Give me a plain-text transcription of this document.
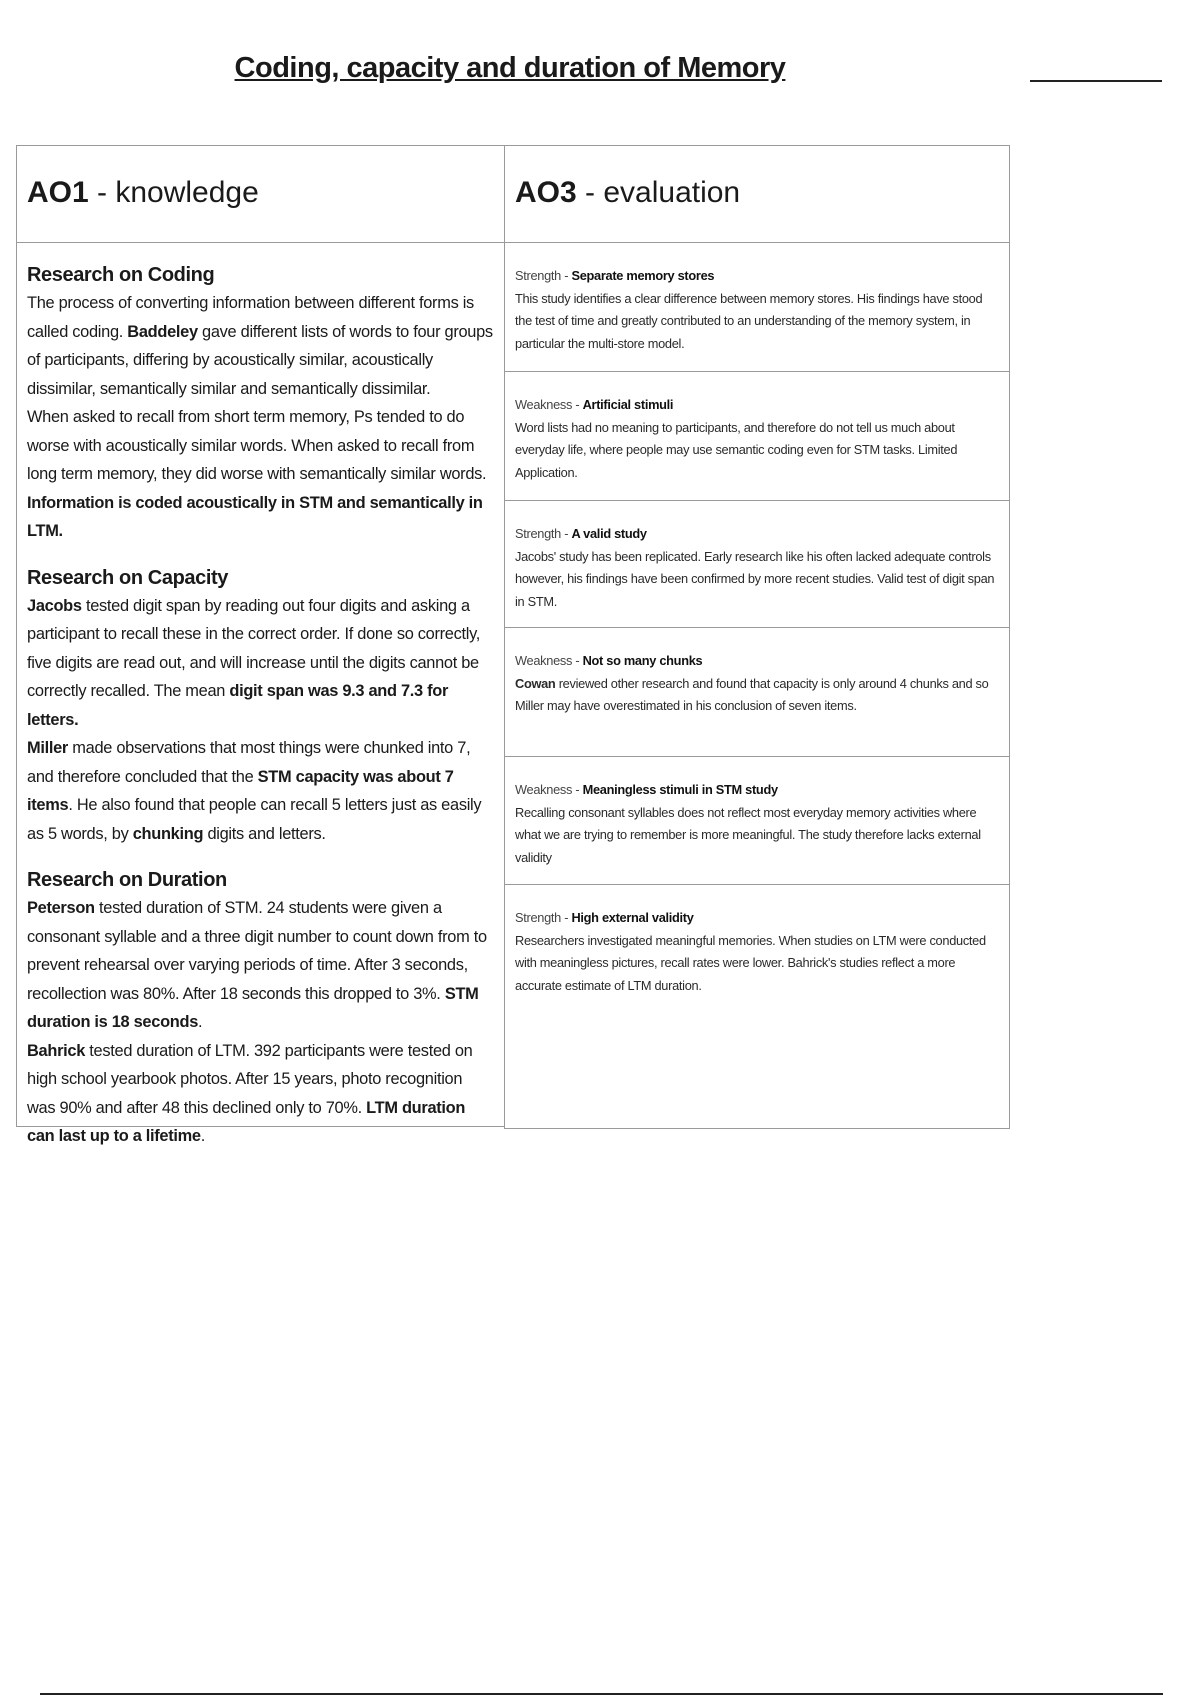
Coding, capacity and duration of Memory
AO1 - knowledge
Research on Coding

The process of converting information between different forms is called coding. Baddeley gave different lists of words to four groups of participants, differing by acoustically similar, acoustically dissimilar, semantically similar and semantically dissimilar.

When asked to recall from short term memory, Ps tended to do worse with acoustically similar words. When asked to recall from long term memory, they did worse with semantically similar words. Information is coded acoustically in STM and semantically in LTM.

Research on Capacity

Jacobs tested digit span by reading out four digits and asking a participant to recall these in the correct order. If done so correctly, five digits are read out, and will increase until the digits cannot be correctly recalled. The mean digit span was 9.3 and 7.3 for letters.

Miller made observations that most things were chunked into 7, and therefore concluded that the STM capacity was about 7 items. He also found that people can recall 5 letters just as easily as 5 words, by chunking digits and letters.

Research on Duration

Peterson tested duration of STM. 24 students were given a consonant syllable and a three digit number to count down from to prevent rehearsal over varying periods of time. After 3 seconds, recollection was 80%. After 18 seconds this dropped to 3%. STM duration is 18 seconds.

Bahrick tested duration of LTM. 392 participants were tested on high school yearbook photos. After 15 years, photo recognition was 90% and after 48 this declined only to 70%. LTM duration can last up to a lifetime.

AO3 - evaluation
Strength - Separate memory stores
This study identifies a clear difference between memory stores. His findings have stood the test of time and greatly contributed to an understanding of the memory system, in particular the multi-store model.
Weakness - Artificial stimuli
Word lists had no meaning to participants, and therefore do not tell us much about everyday life, where people may use semantic coding even for STM tasks. Limited Application.
Strength - A valid study
Jacobs' study has been replicated. Early research like his often lacked adequate controls however, his findings have been confirmed by more recent studies. Valid test of digit span in STM.
Weakness - Not so many chunks
Cowan reviewed other research and found that capacity is only around 4 chunks and so Miller may have overestimated in his conclusion of seven items.
Weakness - Meaningless stimuli in STM study
Recalling consonant syllables does not reflect most everyday memory activities where what we are trying to remember is more meaningful. The study therefore lacks external validity
Strength - High external validity
Researchers investigated meaningful memories. When studies on LTM were conducted with meaningless pictures, recall rates were lower. Bahrick's studies reflect a more accurate estimate of LTM duration.
